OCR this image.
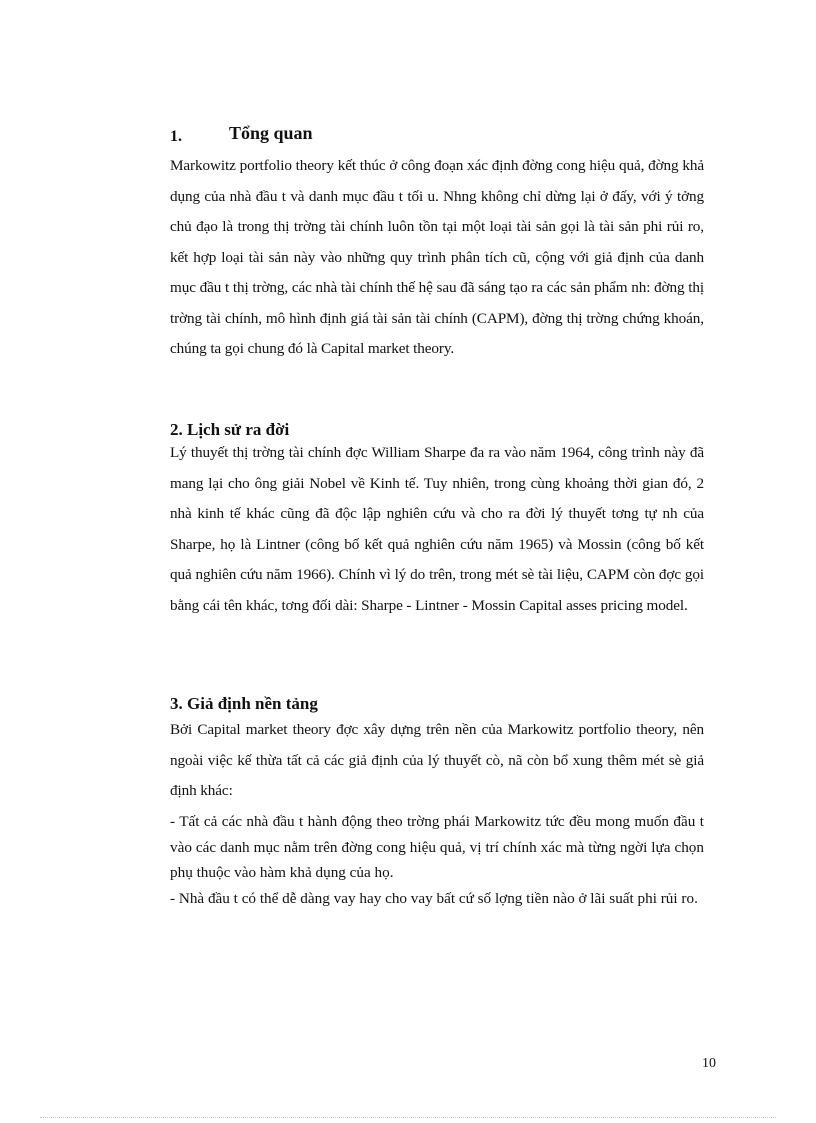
1.	Tổng quan
Markowitz portfolio theory kết thúc ở công đoạn xác định đờng cong hiệu quả, đờng khả dụng của nhà đầu t và danh mục đầu t tối u. Nhng không chỉ dừng lại ở đấy, với ý tởng chủ đạo là trong thị trờng tài chính luôn tồn tại một loại tài sản gọi là tài sản phi rủi ro, kết hợp loại tài sản này vào những quy trình phân tích cũ, cộng với giả định của danh mục đầu t thị trờng, các nhà tài chính thế hệ sau đã sáng tạo ra các sản phẩm nh: đờng thị trờng tài chính, mô hình định giá tài sản tài chính (CAPM), đờng thị trờng chứng khoán, chúng ta gọi chung đó là Capital market theory.
2. Lịch sử ra đời
Lý thuyết thị trờng tài chính đợc William Sharpe đa ra vào năm 1964, công trình này đã mang lại cho ông giải Nobel về Kinh tế. Tuy nhiên, trong cùng khoảng thời gian đó, 2 nhà kinh tế khác cũng đã độc lập nghiên cứu và cho ra đời lý thuyết tơng tự nh của Sharpe, họ là Lintner (công bố kết quả nghiên cứu năm 1965) và Mossin (công bố kết quả nghiên cứu năm 1966). Chính vì lý do trên, trong mét sè tài liệu, CAPM còn đợc gọi bằng cái tên khác, tơng đối dài: Sharpe - Lintner - Mossin Capital asses pricing model.
3. Giả định nền tảng
Bởi Capital market theory đợc xây dựng trên nền của Markowitz portfolio theory, nên ngoài việc kế thừa tất cả các giả định của lý thuyết cò, nã còn bổ xung thêm mét sè giả định khác:
- Tất cả các nhà đầu t hành động theo trờng phái Markowitz tức đều mong muốn đầu t vào các danh mục nằm trên đờng cong hiệu quả, vị trí chính xác mà từng ngời lựa chọn phụ thuộc vào hàm khả dụng của họ.
- Nhà đầu t có thể dễ dàng vay hay cho vay bất cứ số lợng tiền nào ở lãi suất phi rủi ro.
10
